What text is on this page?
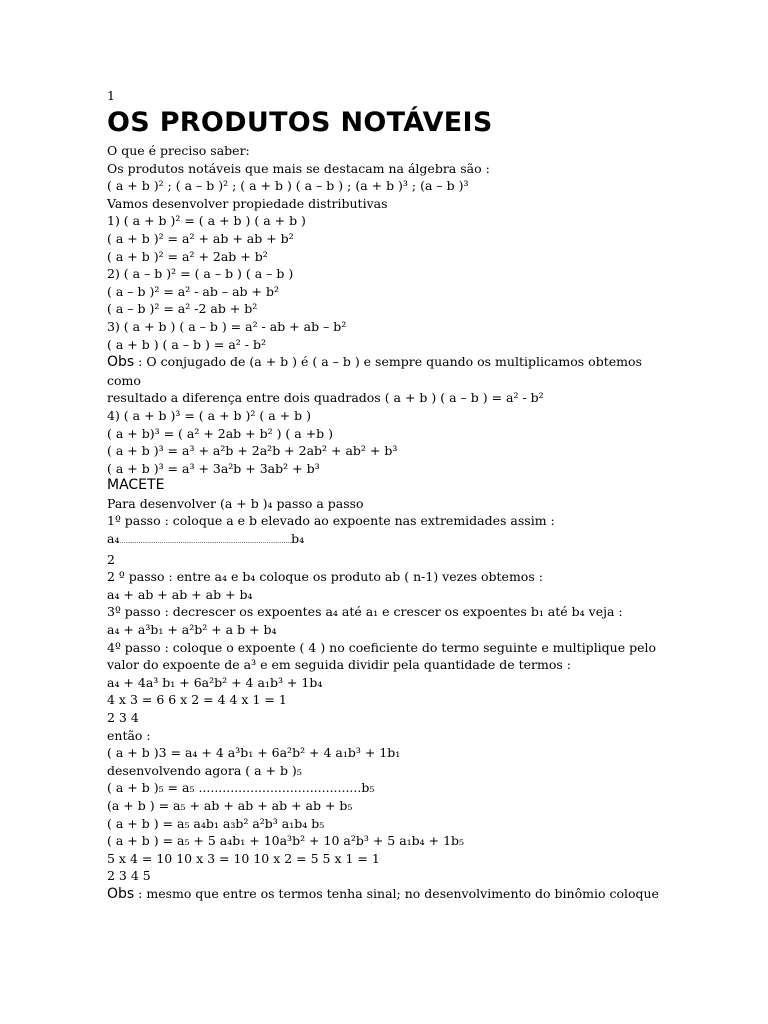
1
OS PRODUTOS NOTÁVEIS

O que é preciso saber:

Os produtos notáveis que mais se destacam na álgebra são :

( a + b )² ; ( a – b )² ; ( a + b ) ( a – b ) ; (a + b )³ ; (a – b )³

Vamos desenvolver propiedade distributivas

1) ( a + b )² = ( a + b ) ( a + b )

( a + b )² = a² + ab + ab + b²

( a + b )² = a² + 2ab + b²

2) ( a – b )² = ( a – b ) ( a – b )

( a – b )² = a² - ab – ab + b²

( a – b )² = a² -2 ab + b²

3) ( a + b ) ( a – b ) = a² - ab + ab – b²

( a + b ) ( a – b ) = a² - b²

Obs : O conjugado de (a + b ) é ( a – b ) e sempre quando os multiplicamos obtemos

como

resultado a diferença entre dois quadrados ( a + b ) ( a – b ) = a² - b²

4) ( a + b )³ = ( a + b )² ( a + b )

( a + b)³ = ( a² + 2ab + b² ) ( a +b )

( a + b )³ = a³ + a²b + 2a²b + 2ab² + ab² + b³

( a + b )³ = a³ + 3a²b + 3ab² + b³

MACETE

Para desenvolver (a + b )₄ passo a passo

1º passo : coloque a e b elevado ao expoente nas extremidades assim :

a₄..........................................................................................b₄

2

2 º passo : entre a₄ e b₄ coloque os produto ab ( n-1) vezes obtemos :

a₄ + ab + ab + ab + b₄

3º passo : decrescer os expoentes a₄ até a₁ e crescer os expoentes b₁ até b₄ veja :

a₄ + a³b₁ + a²b² + a b + b₄

4º passo : coloque o expoente ( 4 ) no coeficiente do termo seguinte e multiplique pelo

valor do expoente de a³ e em seguida dividir pela quantidade de termos :

a₄ + 4a³ b₁ + 6a²b² + 4 a₁b³ + 1b₄

4 x 3 = 6 6 x 2 = 4 4 x 1 = 1

2 3 4

então :

( a + b )3 = a₄ + 4 a³b₁ + 6a²b² + 4 a₁b³ + 1b₁

desenvolvendo agora ( a + b )₅

( a + b )₅ = a₅ .........................................b₅

(a + b ) = a₅ + ab + ab + ab + ab + b₅

( a + b ) = a₅ a₄b₁ a₃b² a²b³ a₁b₄ b₅

( a + b ) = a₅ + 5 a₄b₁ + 10a³b² + 10 a²b³ + 5 a₁b₄ + 1b₅

5 x 4 = 10 10 x 3 = 10 10 x 2 = 5 5 x 1 = 1

2 3 4 5

Obs : mesmo que entre os termos tenha sinal; no desenvolvimento do binômio coloque
